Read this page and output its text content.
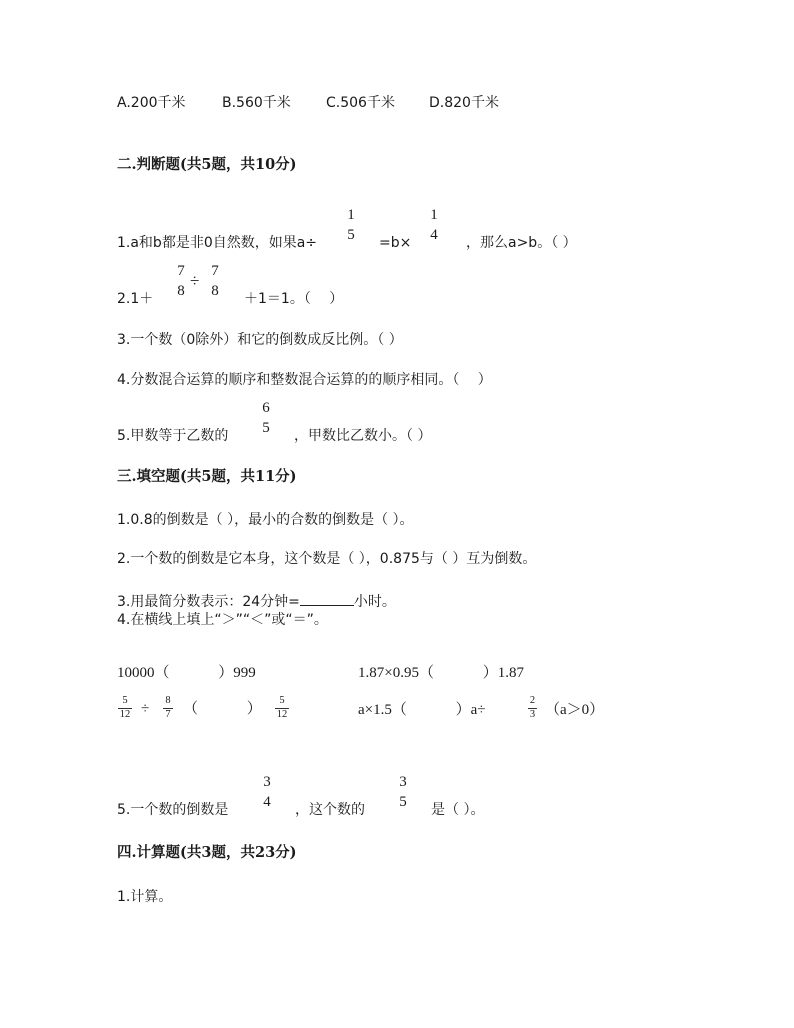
A.200千米	B.560千米	C.506千米 D.820千米
二.判断题(共5题，共10分)
1.a和b都是非0自然数，如果a÷
1
5 =b×
1
4 ，那么a>b。（ ）
2.1＋
7
8
÷ 7
8 ＋1＝1。（　 ）
3.一个数（0除外）和它的倒数成反比例。（ ）
4.分数混合运算的顺序和整数混合运算的的顺序相同。（　 ）
5.甲数等于乙数的
6
5 ，甲数比乙数小。（ ）
三.填空题(共5题，共11分)
1.0.8的倒数是（ ），最小的合数的倒数是（ ）。
2.一个数的倒数是它本身，这个数是（ ），0.875与（ ）互为倒数。
3.用最简分数表示：24分钟=	小时。
4.在横线上填上“＞”“＜”或“＝”。
10000（　　　 ）999	1.87×0.95（　　　 ）1.87
5
12 ÷
8
7 （　　　 ）
5
12	a×1.5（　　　 ）a÷
2
3 （a＞0）
5.一个数的倒数是
3
4 ，这个数的
3
5 是（ ）。
四.计算题(共3题，共23分)
1.计算。
